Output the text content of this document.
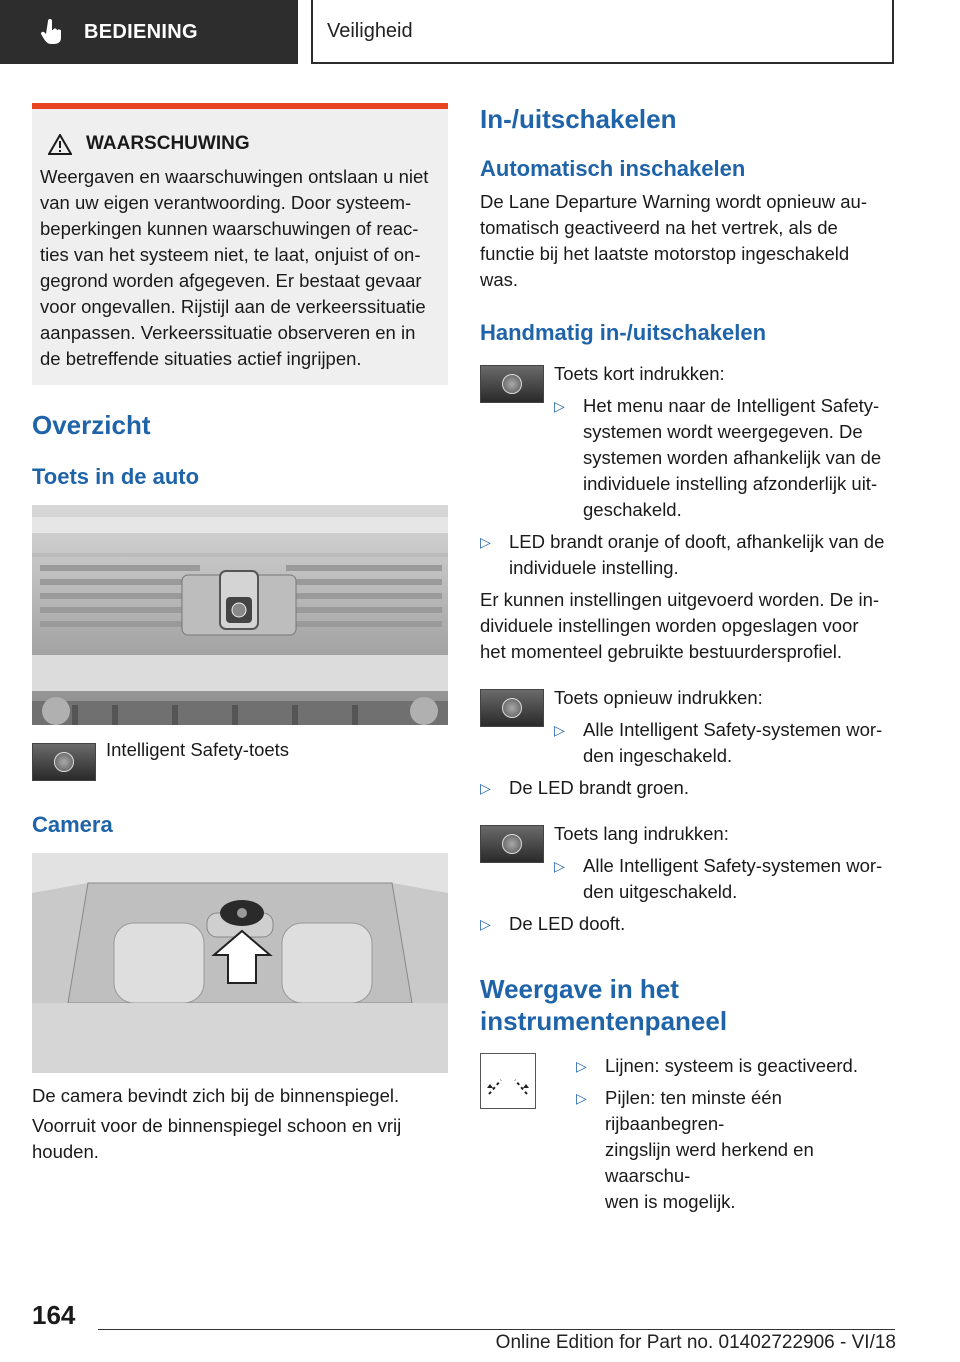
BEDIENING	Veiligheid
WAARSCHUWING
Weergaven en waarschuwingen ontslaan u niet
van uw eigen verantwoording. Door systeem-
beperkingen kunnen waarschuwingen of reac-
ties van het systeem niet, te laat, onjuist of on-
gegrond worden afgegeven. Er bestaat gevaar
voor ongevallen. Rijstijl aan de verkeerssituatie
aanpassen. Verkeerssituatie observeren en in
de betreffende situaties actief ingrijpen.
Overzicht
Toets in de auto
Intelligent Safety-toets
Camera
De camera bevindt zich bij de binnenspiegel.
Voorruit voor de binnenspiegel schoon en vrij
houden.
In-/uitschakelen
Automatisch inschakelen
De Lane Departure Warning wordt opnieuw au-
tomatisch geactiveerd na het vertrek, als de
functie bij het laatste motorstop ingeschakeld
was.
Handmatig in-/uitschakelen
Toets kort indrukken:
▷ Het menu naar de Intelligent Safety-
systemen wordt weergegeven. De
systemen worden afhankelijk van de
individuele instelling afzonderlijk uit-
geschakeld.
▷ LED brandt oranje of dooft, afhankelijk van de
individuele instelling.
Er kunnen instellingen uitgevoerd worden. De in-
dividuele instellingen worden opgeslagen voor
het momenteel gebruikte bestuurdersprofiel.
Toets opnieuw indrukken:
▷ Alle Intelligent Safety-systemen wor-
den ingeschakeld.
▷ De LED brandt groen.
Toets lang indrukken:
▷ Alle Intelligent Safety-systemen wor-
den uitgeschakeld.
▷ De LED dooft.
Weergave in het
instrumentenpaneel
▷ Lijnen: systeem is geactiveerd.
▷ Pijlen: ten minste één rijbaanbegren-
zingslijn werd herkend en waarschu-
wen is mogelijk.
164
Online Edition for Part no. 01402722906 - VI/18
